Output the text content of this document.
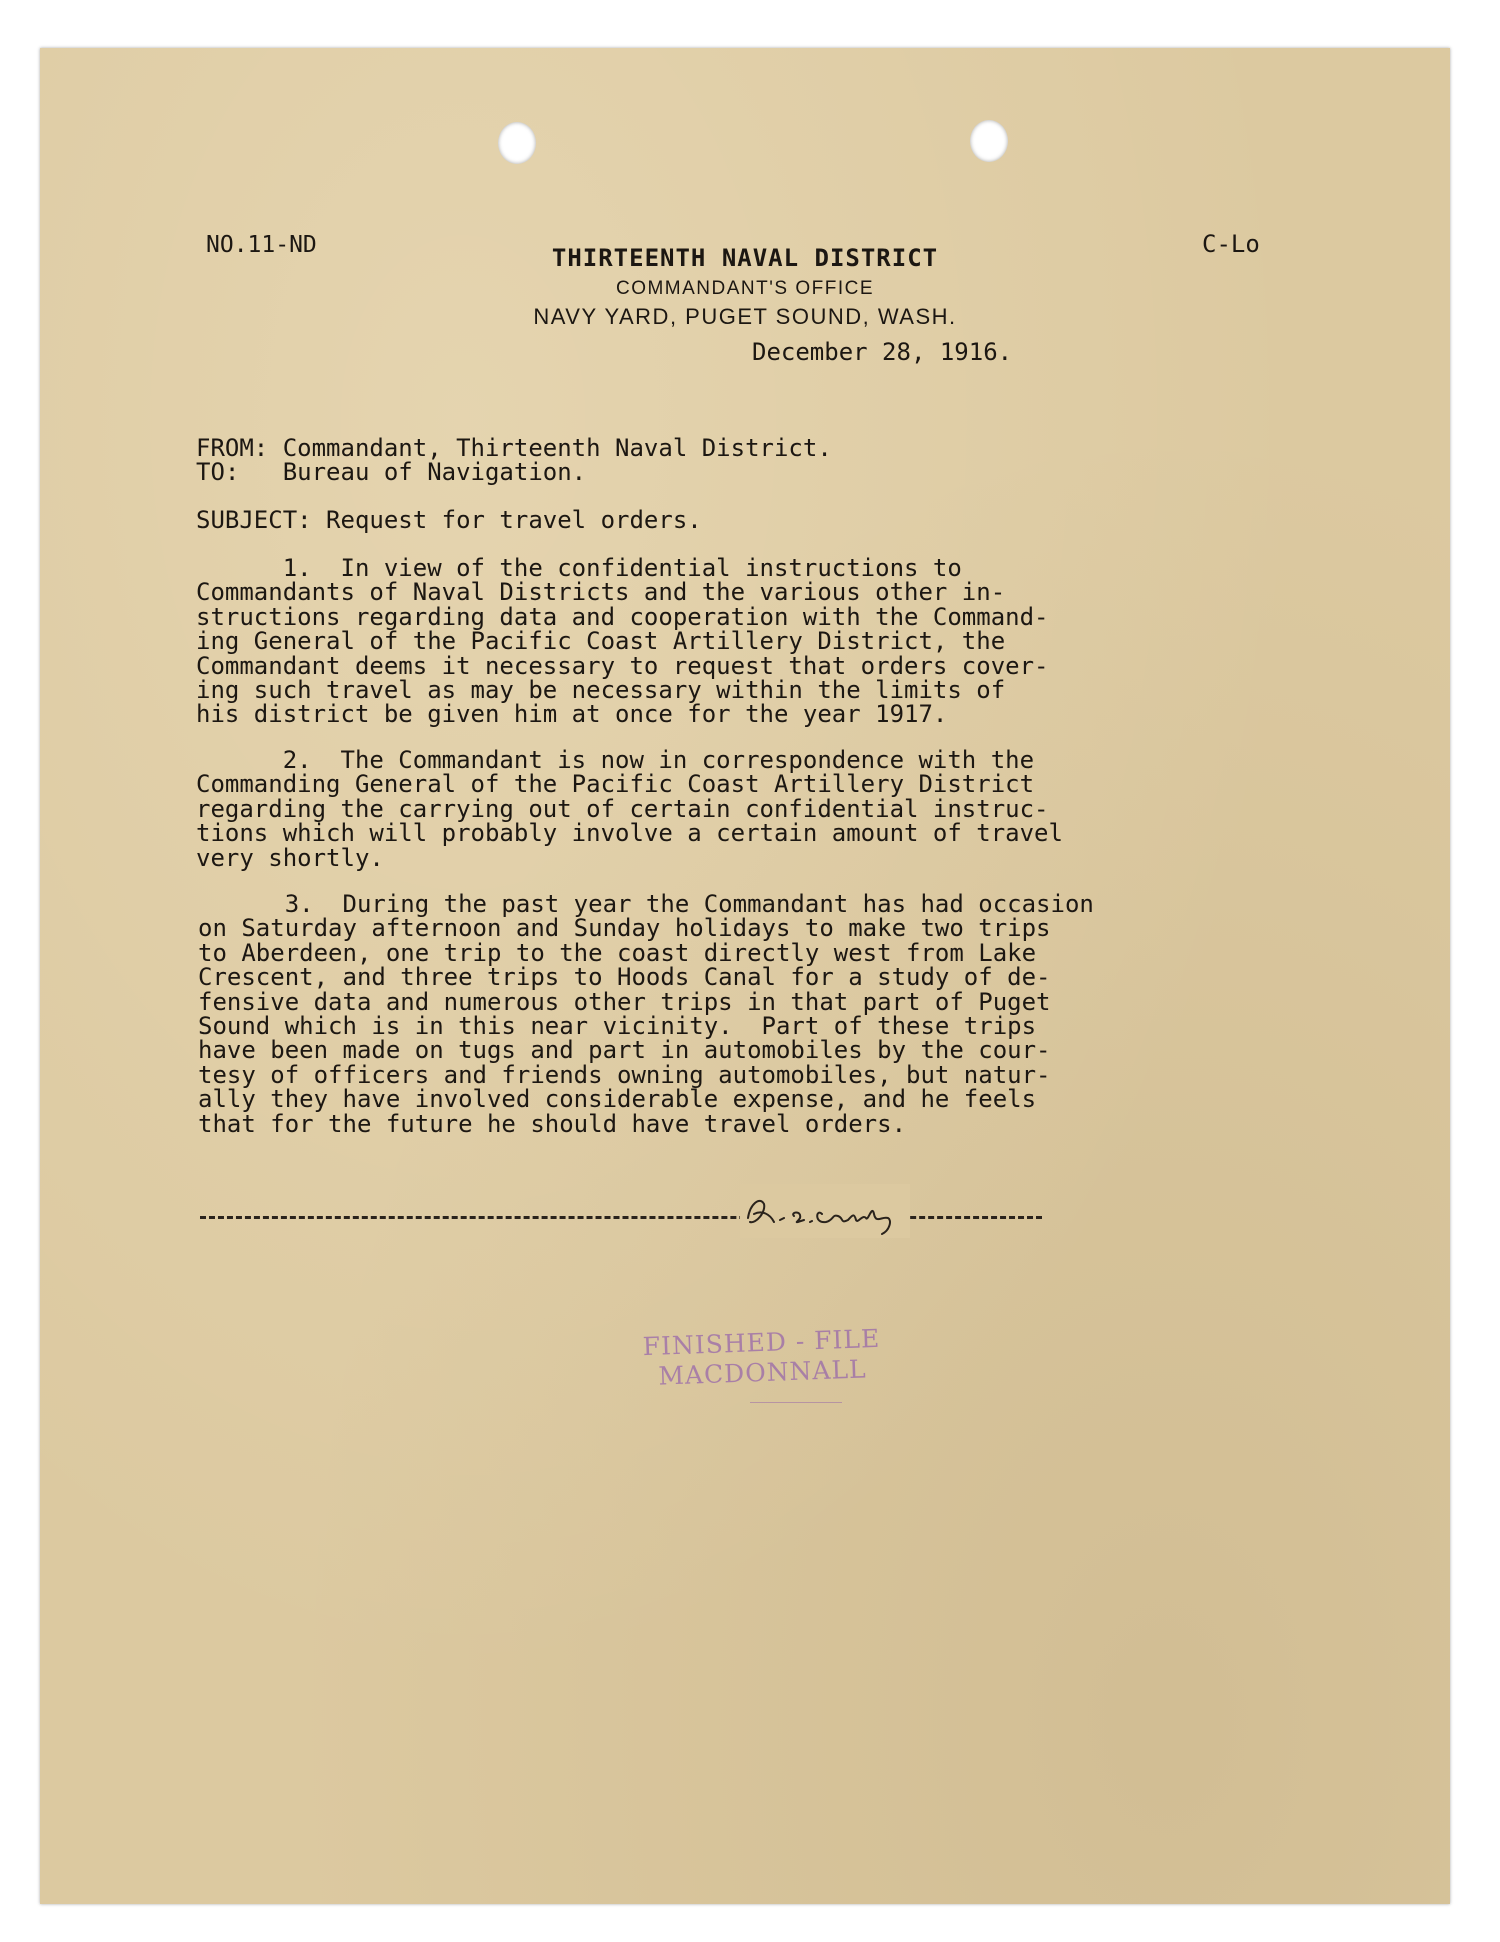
NO.11-ND	C-Lo
THIRTEENTH NAVAL DISTRICT
COMMANDANT'S OFFICE
NAVY YARD, PUGET SOUND, WASH.
December 28, 1916.
FROM: Commandant, Thirteenth Naval District.
TO:   Bureau of Navigation.
SUBJECT: Request for travel orders.
1.  In view of the confidential instructions to
Commandants of Naval Districts and the various other in-
structions regarding data and cooperation with the Command-
ing General of the Pacific Coast Artillery District, the
Commandant deems it necessary to request that orders cover-
ing such travel as may be necessary within the limits of
his district be given him at once for the year 1917.
2.  The Commandant is now in correspondence with the
Commanding General of the Pacific Coast Artillery District
regarding the carrying out of certain confidential instruc-
tions which will probably involve a certain amount of travel
very shortly.
3.  During the past year the Commandant has had occasion
on Saturday afternoon and Sunday holidays to make two trips
to Aberdeen, one trip to the coast directly west from Lake
Crescent, and three trips to Hoods Canal for a study of de-
fensive data and numerous other trips in that part of Puget
Sound which is in this near vicinity.  Part of these trips
have been made on tugs and part in automobiles by the cour-
tesy of officers and friends owning automobiles, but natur-
ally they have involved considerable expense, and he feels
that for the future he should have travel orders.
FINISHED - FILE
MACDONNALL
